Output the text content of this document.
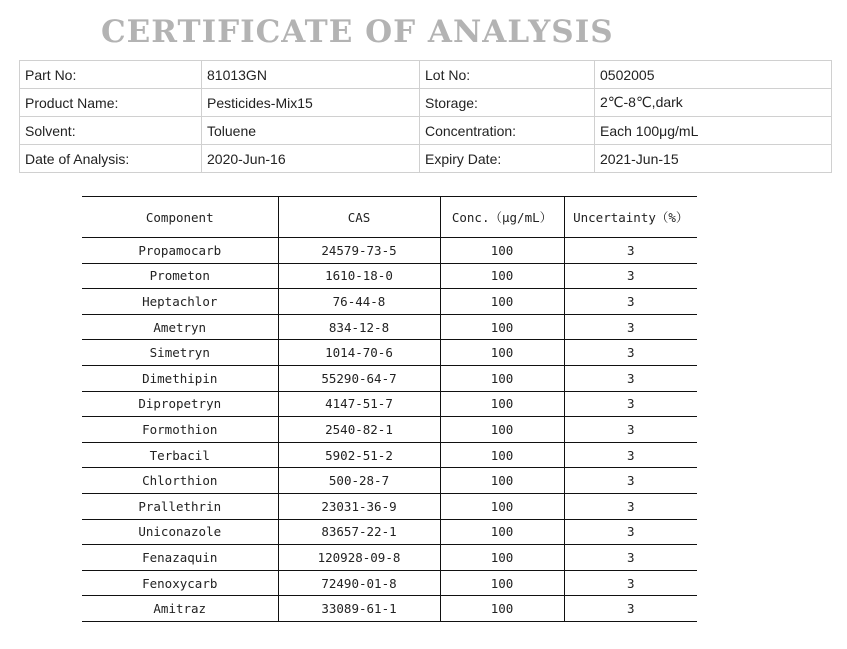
CERTIFICATE OF ANALYSIS
Part No:	81013GN	Lot No:	0502005
Product Name:	Pesticides-Mix15	Storage:	2℃-8℃,dark
Solvent:	Toluene	Concentration:	Each 100μg/mL
Date of Analysis:	2020-Jun-16	Expiry Date:	2021-Jun-15
Component	CAS	Conc.（μg/mL）	Uncertainty（%）
Propamocarb	24579-73-5	100	3
Prometon	1610-18-0	100	3
Heptachlor	76-44-8	100	3
Ametryn	834-12-8	100	3
Simetryn	1014-70-6	100	3
Dimethipin	55290-64-7	100	3
Dipropetryn	4147-51-7	100	3
Formothion	2540-82-1	100	3
Terbacil	5902-51-2	100	3
Chlorthion	500-28-7	100	3
Prallethrin	23031-36-9	100	3
Uniconazole	83657-22-1	100	3
Fenazaquin	120928-09-8	100	3
Fenoxycarb	72490-01-8	100	3
Amitraz	33089-61-1	100	3
